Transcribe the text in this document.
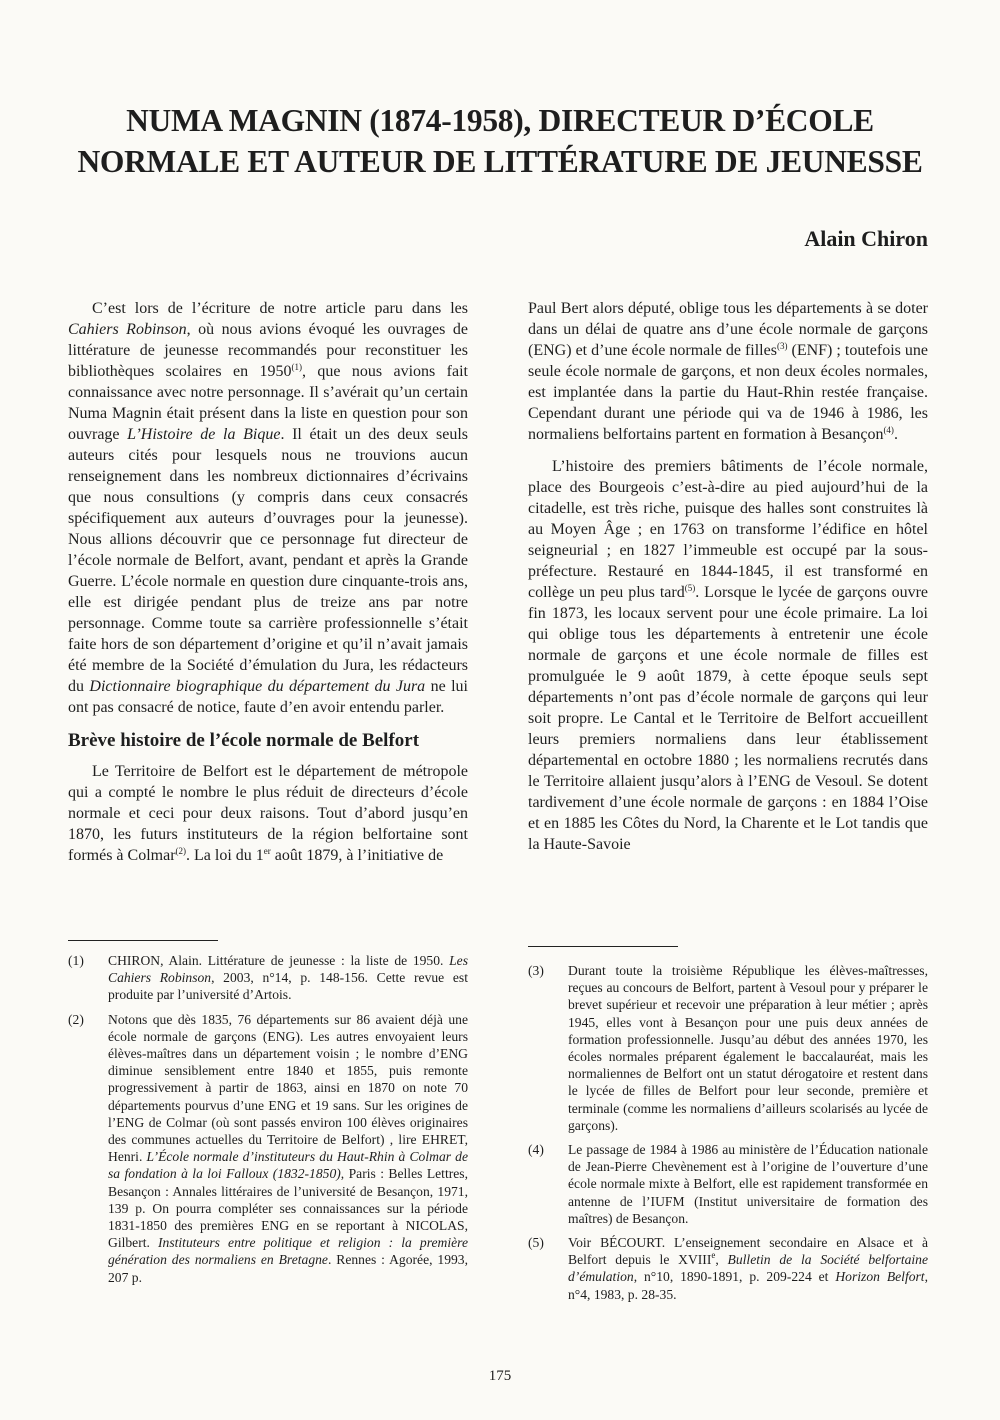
NUMA MAGNIN (1874-1958), DIRECTEUR D’ÉCOLE
NORMALE ET AUTEUR DE LITTÉRATURE DE JEUNESSE
Alain Chiron

C’est lors de l’écriture de notre article paru dans les Cahiers Robinson, où nous avions évoqué les ouvrages de littérature de jeunesse recommandés pour reconstituer les bibliothèques scolaires en 1950$^{(1)}$, que nous avions fait connaissance avec notre personnage. Il s’avérait qu’un certain Numa Magnin était présent dans la liste en question pour son ouvrage L’Histoire de la Bique. Il était un des deux seuls auteurs cités pour lesquels nous ne trouvions aucun renseignement dans les nombreux dictionnaires d’écrivains que nous consultions (y compris dans ceux consacrés spécifiquement aux auteurs d’ouvrages pour la jeunesse). Nous allions découvrir que ce personnage fut directeur de l’école normale de Belfort, avant, pendant et après la Grande Guerre. L’école normale en question dure cinquante-trois ans, elle est dirigée pendant plus de treize ans par notre personnage. Comme toute sa carrière professionnelle s’était faite hors de son département d’origine et qu’il n’avait jamais été membre de la Société d’émulation du Jura, les rédacteurs du Dictionnaire biographique du département du Jura ne lui ont pas consacré de notice, faute d’en avoir entendu parler.

Brève histoire de l’école normale de Belfort

Le Territoire de Belfort est le département de métropole qui a compté le nombre le plus réduit de directeurs d’école normale et ceci pour deux raisons. Tout d’abord jusqu’en 1870, les futurs instituteurs de la région belfortaine sont formés à Colmar$^{(2)}$. La loi du 1er août 1879, à l’initiative de

Paul Bert alors député, oblige tous les départements à se doter dans un délai de quatre ans d’une école normale de garçons (ENG) et d’une école normale de filles$^{(3)}$ (ENF) ; toutefois une seule école normale de garçons, et non deux écoles normales, est implantée dans la partie du Haut-Rhin restée française. Cependant durant une période qui va de 1946 à 1986, les normaliens belfortains partent en formation à Besançon$^{(4)}$.

L’histoire des premiers bâtiments de l’école normale, place des Bourgeois c’est-à-dire au pied aujourd’hui de la citadelle, est très riche, puisque des halles sont construites là au Moyen Âge ; en 1763 on transforme l’édifice en hôtel seigneurial ; en 1827 l’immeuble est occupé par la sous-préfecture. Restauré en 1844-1845, il est transformé en collège un peu plus tard$^{(5)}$. Lorsque le lycée de garçons ouvre fin 1873, les locaux servent pour une école primaire. La loi qui oblige tous les départements à entretenir une école normale de garçons et une école normale de filles est promulguée le 9 août 1879, à cette époque seuls sept départements n’ont pas d’école normale de garçons qui leur soit propre. Le Cantal et le Territoire de Belfort accueillent leurs premiers normaliens dans leur établissement départemental en octobre 1880 ; les normaliens recrutés dans le Territoire allaient jusqu’alors à l’ENG de Vesoul. Se dotent tardivement d’une école normale de garçons : en 1884 l’Oise et en 1885 les Côtes du Nord, la Charente et le Lot tandis que la Haute-Savoie

(1)	CHIRON, Alain. Littérature de jeunesse : la liste de 1950. Les Cahiers Robinson, 2003, n°14, p. 148-156. Cette revue est produite par l’université d’Artois.
(2)	Notons que dès 1835, 76 départements sur 86 avaient déjà une école normale de garçons (ENG). Les autres envoyaient leurs élèves-maîtres dans un département voisin ; le nombre d’ENG diminue sensiblement entre 1840 et 1855, puis remonte progressivement à partir de 1863, ainsi en 1870 on note 70 départements pourvus d’une ENG et 19 sans. Sur les origines de l’ENG de Colmar (où sont passés environ 100 élèves originaires des communes actuelles du Territoire de Belfort) , lire EHRET, Henri. L’École normale d’instituteurs du Haut-Rhin à Colmar de sa fondation à la loi Falloux (1832-1850), Paris : Belles Lettres, Besançon : Annales littéraires de l’université de Besançon, 1971, 139 p. On pourra compléter ses connaissances sur la période 1831-1850 des premières ENG en se reportant à NICOLAS, Gilbert. Instituteurs entre politique et religion : la première génération des normaliens en Bretagne. Rennes : Agorée, 1993, 207 p.
(3)	Durant toute la troisième République les élèves-maîtresses, reçues au concours de Belfort, partent à Vesoul pour y préparer le brevet supérieur et recevoir une préparation à leur métier ; après 1945, elles vont à Besançon pour une puis deux années de formation professionnelle. Jusqu’au début des années 1970, les écoles normales préparent également le baccalauréat, mais les normaliennes de Belfort ont un statut dérogatoire et restent dans le lycée de filles de Belfort pour leur seconde, première et terminale (comme les normaliens d’ailleurs scolarisés au lycée de garçons).
(4)	Le passage de 1984 à 1986 au ministère de l’Éducation nationale de Jean-Pierre Chevènement est à l’origine de l’ouverture d’une école normale mixte à Belfort, elle est rapidement transformée en antenne de l’IUFM (Institut universitaire de formation des maîtres) de Besançon.
(5)	Voir BÉCOURT. L’enseignement secondaire en Alsace et à Belfort depuis le XVIIIe, Bulletin de la Société belfortaine d’émulation, n°10, 1890-1891, p. 209-224 et Horizon Belfort, n°4, 1983, p. 28-35.
175
